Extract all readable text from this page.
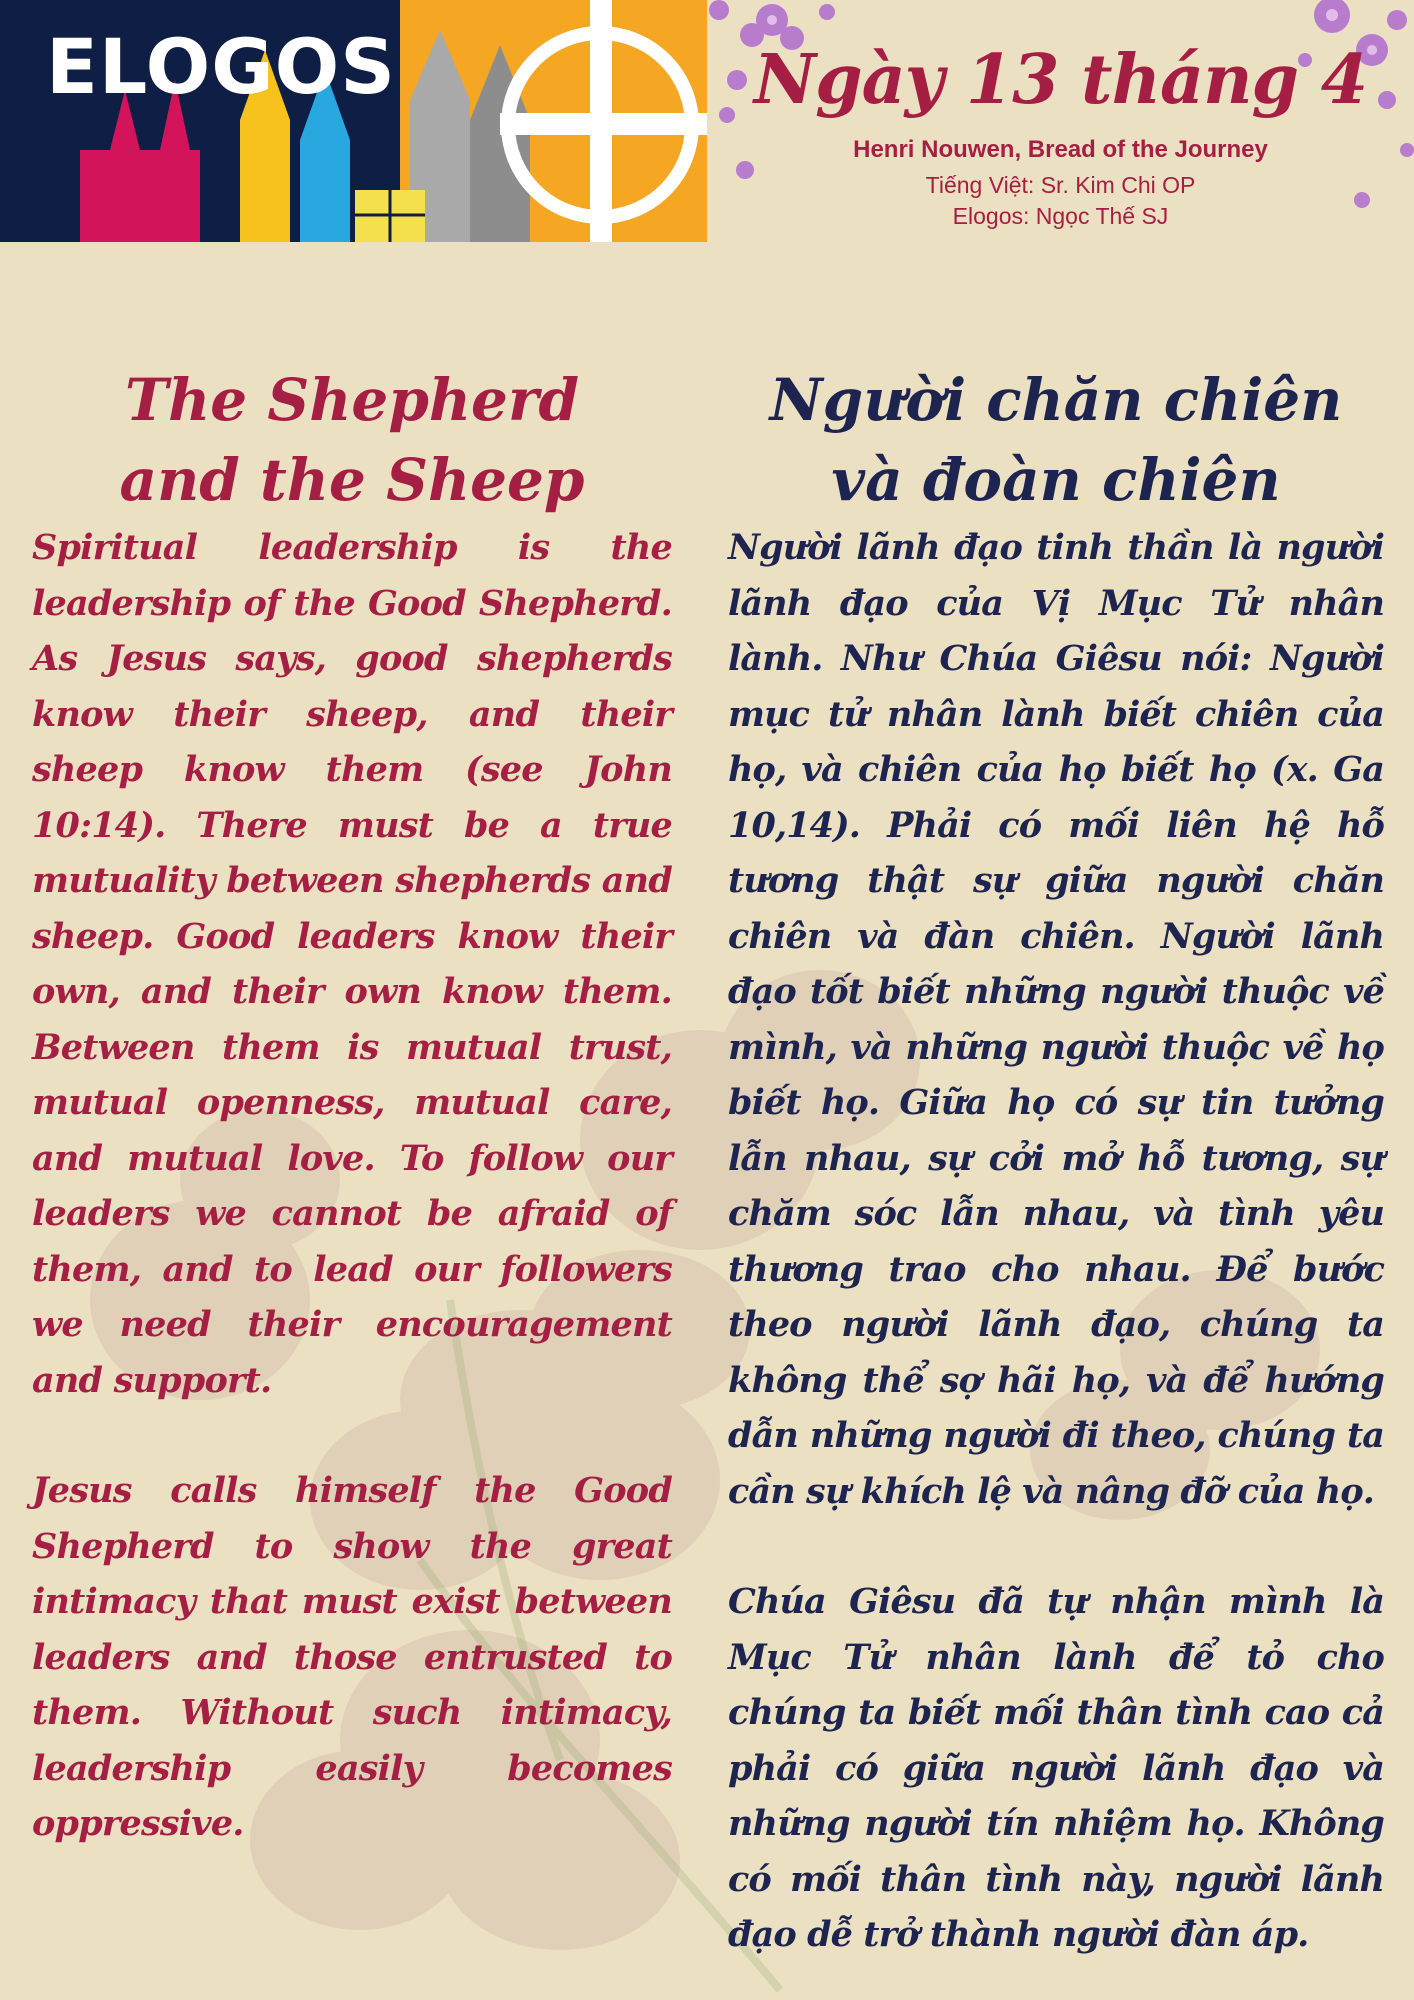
ELOGOS	Ngày 13 tháng 4
Henri Nouwen, Bread of the Journey
Tiếng Việt: Sr. Kim Chi OP
Elogos: Ngọc Thế SJ
The Shepherd and the Sheep

Spiritual leadership is the leadership of the Good Shepherd. As Jesus says, good shepherds know their sheep, and their sheep know them (see John 10:14). There must be a true mutuality between shepherds and sheep. Good leaders know their own, and their own know them. Between them is mutual trust, mutual openness, mutual care, and mutual love. To follow our leaders we cannot be afraid of them, and to lead our followers we need their encouragement and support.

Jesus calls himself the Good Shepherd to show the great intimacy that must exist between leaders and those entrusted to them. Without such intimacy, leadership easily becomes oppressive.

Người chăn chiên và đoàn chiên

Người lãnh đạo tinh thần là người lãnh đạo của Vị Mục Tử nhân lành. Như Chúa Giêsu nói: Người mục tử nhân lành biết chiên của họ, và chiên của họ biết họ (x. Ga 10,14). Phải có mối liên hệ hỗ tương thật sự giữa người chăn chiên và đàn chiên. Người lãnh đạo tốt biết những người thuộc về mình, và những người thuộc về họ biết họ. Giữa họ có sự tin tưởng lẫn nhau, sự cởi mở hỗ tương, sự chăm sóc lẫn nhau, và tình yêu thương trao cho nhau. Để bước theo người lãnh đạo, chúng ta không thể sợ hãi họ, và để hướng dẫn những người đi theo, chúng ta cần sự khích lệ và nâng đỡ của họ.

Chúa Giêsu đã tự nhận mình là Mục Tử nhân lành để tỏ cho chúng ta biết mối thân tình cao cả phải có giữa người lãnh đạo và những người tín nhiệm họ. Không có mối thân tình này, người lãnh đạo dễ trở thành người đàn áp.
